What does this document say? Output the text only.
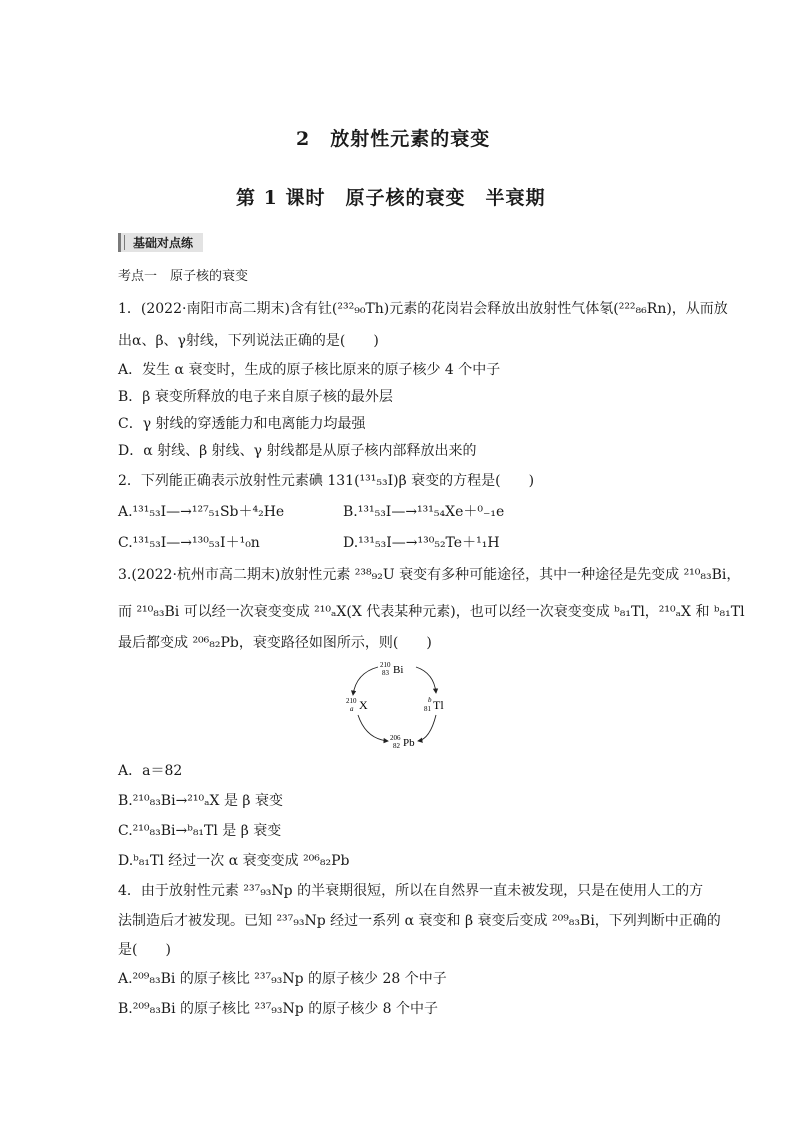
2　放射性元素的衰变
第 1 课时　原子核的衰变　半衰期
基础对点练
考点一　原子核的衰变
1．(2022·南阳市高二期末)含有钍(²³²₉₀Th)元素的花岗岩会释放出放射性气体氡(²²²₈₆Rn)，从而放
出α、β、γ射线，下列说法正确的是(　　)
A．发生 α 衰变时，生成的原子核比原来的原子核少 4 个中子
B．β 衰变所释放的电子来自原子核的最外层
C．γ 射线的穿透能力和电离能力均最强
D．α 射线、β 射线、γ 射线都是从原子核内部释放出来的
2．下列能正确表示放射性元素碘 131(¹³¹₅₃I)β 衰变的方程是(　　)
A.¹³¹₅₃I—→¹²⁷₅₁Sb＋⁴₂He	B.¹³¹₅₃I—→¹³¹₅₄Xe＋⁰₋₁e
C.¹³¹₅₃I—→¹³⁰₅₃I＋¹₀n	D.¹³¹₅₃I—→¹³⁰₅₂Te＋¹₁H
3.(2022·杭州市高二期末)放射性元素 ²³⁸₉₂U 衰变有多种可能途径，其中一种途径是先变成 ²¹⁰₈₃Bi，
而 ²¹⁰₈₃Bi 可以经一次衰变变成 ²¹⁰ₐX(X 代表某种元素)，也可以经一次衰变变成 ᵇ₈₁Tl，²¹⁰ₐX 和 ᵇ₈₁Tl
最后都变成 ²⁰⁶₈₂Pb，衰变路径如图所示，则(　　)
210
83 Bi
210
a X	b
81 Tl
206
82 Pb
A．a＝82
B.²¹⁰₈₃Bi→²¹⁰ₐX 是 β 衰变
C.²¹⁰₈₃Bi→ᵇ₈₁Tl 是 β 衰变
D.ᵇ₈₁Tl 经过一次 α 衰变变成 ²⁰⁶₈₂Pb
4．由于放射性元素 ²³⁷₉₃Np 的半衰期很短，所以在自然界一直未被发现，只是在使用人工的方
法制造后才被发现。已知 ²³⁷₉₃Np 经过一系列 α 衰变和 β 衰变后变成 ²⁰⁹₈₃Bi，下列判断中正确的
是(　　)
A.²⁰⁹₈₃Bi 的原子核比 ²³⁷₉₃Np 的原子核少 28 个中子
B.²⁰⁹₈₃Bi 的原子核比 ²³⁷₉₃Np 的原子核少 8 个中子
